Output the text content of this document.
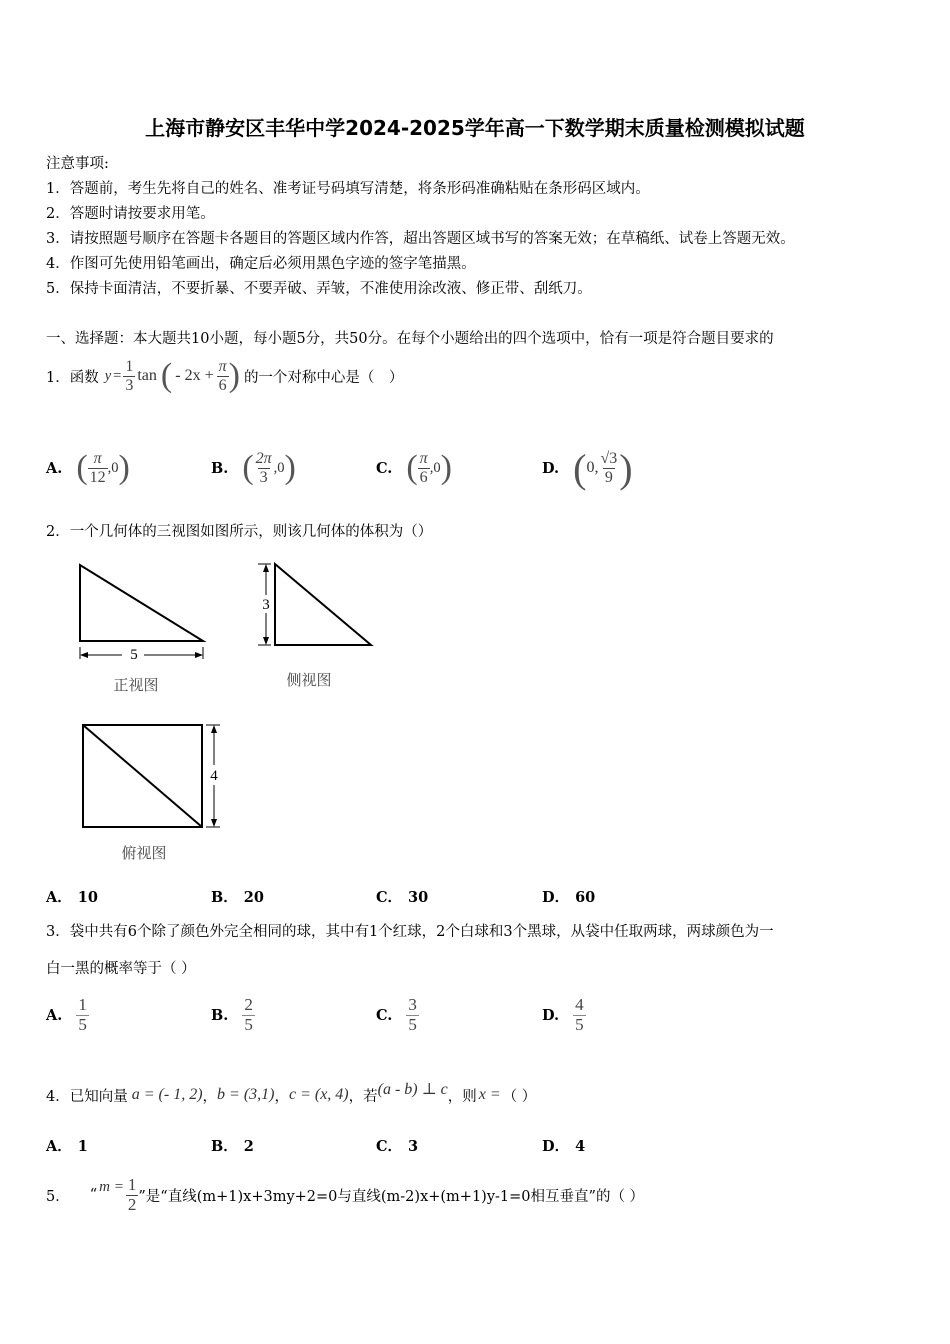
上海市静安区丰华中学2024-2025学年高一下数学期末质量检测模拟试题
注意事项:
1．答题前，考生先将自己的姓名、准考证号码填写清楚，将条形码准确粘贴在条形码区域内。
2．答题时请按要求用笔。
3．请按照题号顺序在答题卡各题目的答题区域内作答，超出答题区域书写的答案无效；在草稿纸、试卷上答题无效。
4．作图可先使用铅笔画出，确定后必须用黑色字迹的签字笔描黑。
5．保持卡面清洁，不要折暴、不要弄破、弄皱，不准使用涂改液、修正带、刮纸刀。
一、选择题：本大题共10小题，每小题5分，共50分。在每个小题给出的四个选项中，恰有一项是符合题目要求的
1． 函数 $y = \frac{1}{3}$ tan ( - $2x + \frac{\pi}{6}$ ) 的一个对称中心是（　）
A. ( $\frac{\pi}{12} ,0$ )	B. ( $\frac{2\pi}{3} ,0$ )	C. ( $\frac{\pi}{6} ,0$ )	D. ( 0, $\frac{√3}{9}$ )
2．一个几何体的三视图如图所示，则该几何体的体积为（）
5
正视图
3
侧视图
4
俯视图
A． 10	B． 20	C． 30	D． 60
3．袋中共有6个除了颜色外完全相同的球，其中有1个红球，2个白球和3个黑球，从袋中任取两球，两球颜色为一
白一黑的概率等于（ ）
A. $\frac{1}{5}$	B. $\frac{2}{5}$	C. $\frac{3}{5}$	D. $\frac{4}{5}$
4． 已知向量 a = (- 1, 2) ， b = (3,1) ， c = (x, 4) ，若 (a - b) ⊥ c ，则 x = （ ）
A． 1	B． 2	C． 3	D． 4
5． “
$m = \frac{1}{2}$ ”是“直线(m+1)x+3my+2=0与直线(m-2)x+(m+1)y-1=0相互垂直”的（ ）
